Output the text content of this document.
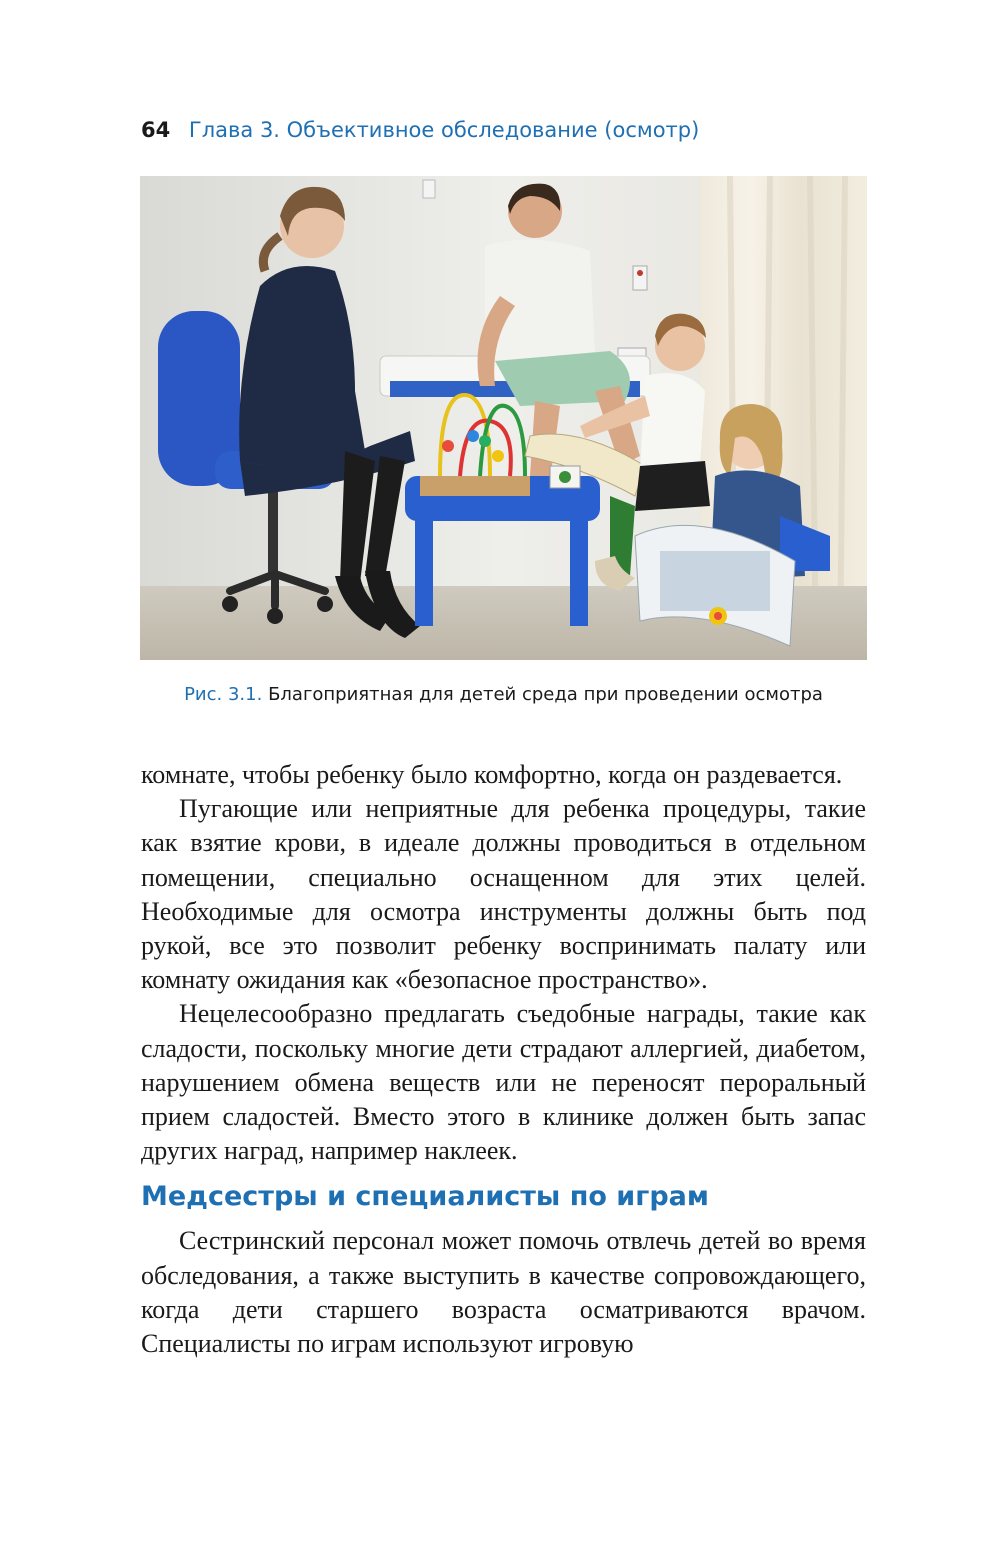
64 Глава 3. Объективное обследование (осмотр)
Рис. 3.1. Благоприятная для детей среда при проведении осмотра

комнате, чтобы ребенку было комфортно, когда он раздевается.

Пугающие или неприятные для ребенка процедуры, такие как взятие крови, в идеале должны проводиться в отдельном помещении, специально оснащенном для этих целей. Необходимые для осмотра инструменты должны быть под рукой, все это позволит ребенку воспринимать палату или комнату ожидания как «безопасное пространство».

Нецелесообразно предлагать съедобные награды, такие как сладости, поскольку многие дети страдают аллергией, диабетом, нарушением обмена веществ или не переносят пероральный прием сладостей. Вместо этого в клинике должен быть запас других наград, например наклеек.

Медсестры и специалисты по играм

Сестринский персонал может помочь отвлечь детей во время обследования, а также выступить в качестве сопровождающего, когда дети старшего возраста осматриваются врачом. Специалисты по играм используют игровую
